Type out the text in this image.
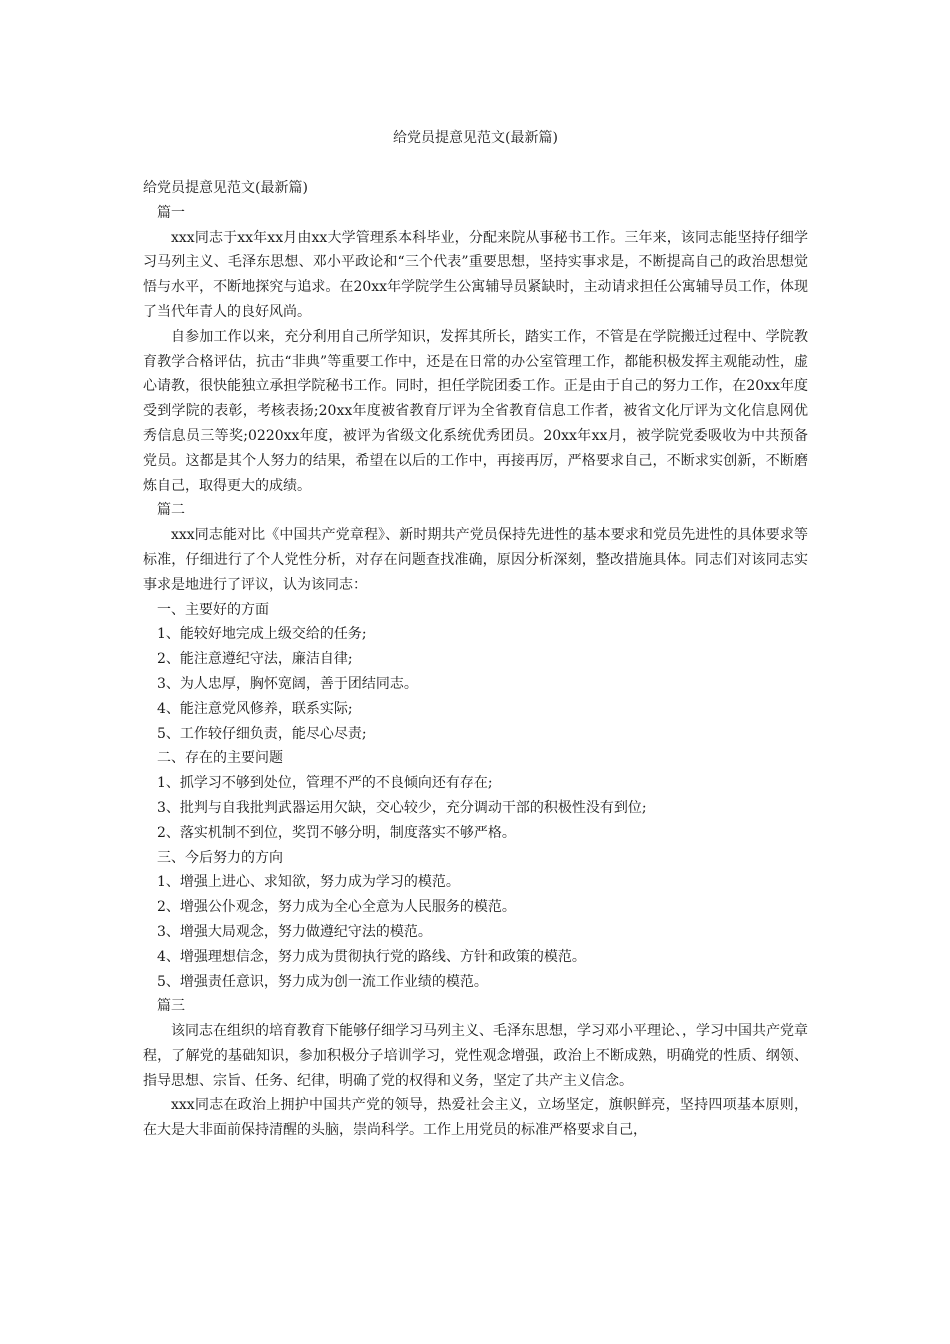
给党员提意见范文(最新篇)

给党员提意见范文(最新篇)

篇一

xxx同志于xx年xx月由xx大学管理系本科毕业，分配来院从事秘书工作。三年来，该同志能坚持仔细学习马列主义、毛泽东思想、邓小平政论和“三个代表”重要思想，坚持实事求是，不断提高自己的政治思想觉悟与水平，不断地探究与追求。在20xx年学院学生公寓辅导员紧缺时，主动请求担任公寓辅导员工作，体现了当代年青人的良好风尚。

自参加工作以来，充分利用自己所学知识，发挥其所长，踏实工作，不管是在学院搬迁过程中、学院教育教学合格评估，抗击“非典”等重要工作中，还是在日常的办公室管理工作，都能积极发挥主观能动性，虚心请教，很快能独立承担学院秘书工作。同时，担任学院团委工作。正是由于自己的努力工作，在20xx年度受到学院的表彰，考核表扬;20xx年度被省教育厅评为全省教育信息工作者，被省文化厅评为文化信息网优秀信息员三等奖;0220xx年度，被评为省级文化系统优秀团员。20xx年xx月，被学院党委吸收为中共预备党员。这都是其个人努力的结果，希望在以后的工作中，再接再厉，严格要求自己，不断求实创新，不断磨炼自己，取得更大的成绩。

篇二

xxx同志能对比《中国共产党章程》、新时期共产党员保持先进性的基本要求和党员先进性的具体要求等标准，仔细进行了个人党性分析，对存在问题查找准确，原因分析深刻，整改措施具体。同志们对该同志实事求是地进行了评议，认为该同志：

一、主要好的方面

1、能较好地完成上级交给的任务;

2、能注意遵纪守法，廉洁自律;

3、为人忠厚，胸怀宽阔，善于团结同志。

4、能注意党风修养，联系实际;

5、工作较仔细负责，能尽心尽责;

二、存在的主要问题

1、抓学习不够到处位，管理不严的不良倾向还有存在;

3、批判与自我批判武器运用欠缺，交心较少，充分调动干部的积极性没有到位;

2、落实机制不到位，奖罚不够分明，制度落实不够严格。

三、今后努力的方向

1、增强上进心、求知欲，努力成为学习的模范。

2、增强公仆观念，努力成为全心全意为人民服务的模范。

3、增强大局观念，努力做遵纪守法的模范。

4、增强理想信念，努力成为贯彻执行党的路线、方针和政策的模范。

5、增强责任意识，努力成为创一流工作业绩的模范。

篇三

该同志在组织的培育教育下能够仔细学习马列主义、毛泽东思想，学习邓小平理论、，学习中国共产党章程，了解党的基础知识，参加积极分子培训学习，党性观念增强，政治上不断成熟，明确党的性质、纲领、指导思想、宗旨、任务、纪律，明确了党的权得和义务，坚定了共产主义信念。

xxx同志在政治上拥护中国共产党的领导，热爱社会主义，立场坚定，旗帜鲜亮，坚持四项基本原则，在大是大非面前保持清醒的头脑，崇尚科学。工作上用党员的标准严格要求自己，
